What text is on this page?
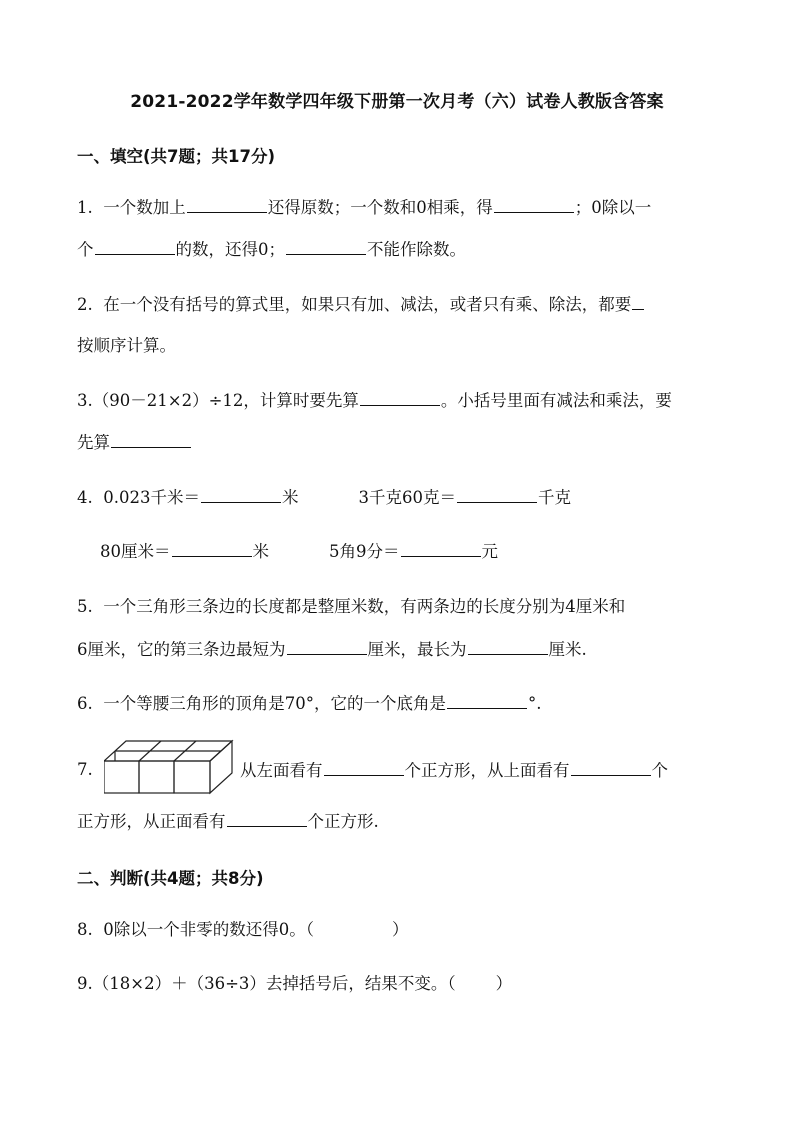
2021-2022学年数学四年级下册第一次月考（六）试卷人教版含答案
一、填空(共7题；共17分)
1. 一个数加上	还得原数；一个数和0相乘，得	；0除以一
个	的数，还得0；	不能作除数。
2. 在一个没有括号的算式里，如果只有加、减法，或者只有乘、除法，都要
按顺序计算。
3.（90－21×2）÷12，计算时要先算	。小括号里面有减法和乘法，要
先算
4. 0.023千米＝	米	3千克60克＝	千克
80厘米＝	米	5角9分＝	元
5. 一个三角形三条边的长度都是整厘米数，有两条边的长度分别为4厘米和
6厘米，它的第三条边最短为	厘米，最长为	厘米.
6. 一个等腰三角形的顶角是70°，它的一个底角是	°.
7.	从左面看有	个正方形，从上面看有	个
正方形，从正面看有	个正方形.
二、判断(共4题；共8分)
8. 0除以一个非零的数还得0。（	）
9.（18×2）＋（36÷3）去掉括号后，结果不变。（ ）
